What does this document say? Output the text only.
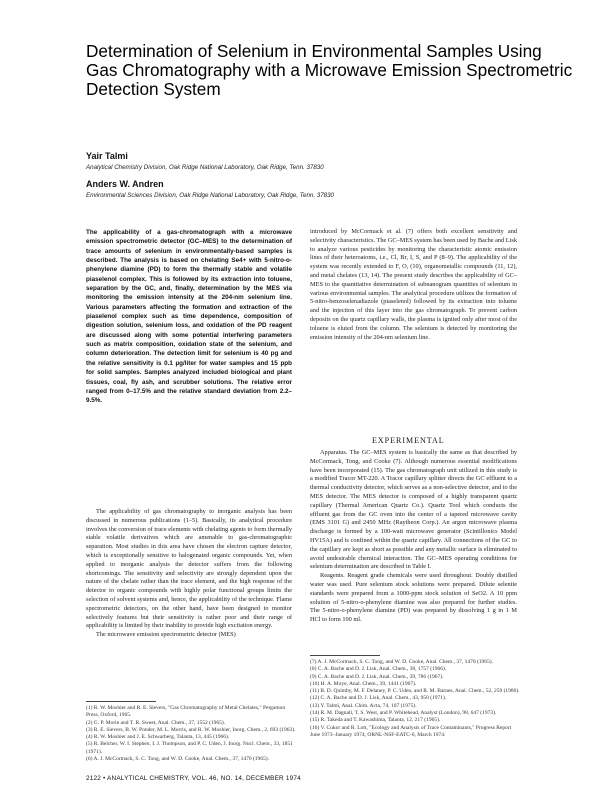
Determination of Selenium in Environmental Samples Using Gas Chromatography with a Microwave Emission Spectrometric Detection System
Yair Talmi
Analytical Chemistry Division, Oak Ridge National Laboratory, Oak Ridge, Tenn. 37830
Anders W. Andren
Environmental Sciences Division, Oak Ridge National Laboratory, Oak Ridge, Tenn. 37830

The applicability of a gas-chromatograph with a microwave emission spectrometric detector (GC–MES) to the determination of trace amounts of selenium in environmentally-based samples is described. The analysis is based on chelating Se4+ with 5-nitro-o-phenylene diamine (PD) to form the thermally stable and volatile piaselenol complex. This is followed by its extraction into toluene, separation by the GC, and, finally, determination by the MES via monitoring the emission intensity at the 204-nm selenium line. Various parameters affecting the formation and extraction of the piaselenol complex such as time dependence, composition of digestion solution, selenium loss, and oxidation of the PD reagent are discussed along with some potential interfering parameters such as matrix composition, oxidation state of the selenium, and column deterioration. The detection limit for selenium is 40 pg and the relative sensitivity is 0.1 µg/liter for water samples and 15 ppb for solid samples. Samples analyzed included biological and plant tissues, coal, fly ash, and scrubber solutions. The relative error ranged from 0–17.5% and the relative standard deviation from 2.2–9.5%.

The applicability of gas chromatography to inorganic analysis has been discussed in numerous publications (1–5). Basically, its analytical procedure involves the conversion of trace elements with chelating agents to form thermally stable volatile derivatives which are amenable to gas-chromatographic separation. Most studies in this area have chosen the electron capture detector, which is exceptionally sensitive to halogenated organic compounds. Yet, when applied to inorganic analysis the detector suffers from the following shortcomings. The sensitivity and selectivity are strongly dependent upon the nature of the chelate rather than the trace element, and the high response of the detector to organic compounds with highly polar functional groups limits the selection of solvent systems and, hence, the applicability of the technique. Flame spectrometric detectors, on the other hand, have been designed to monitor selectively features but their sensitivity is rather poor and their range of applicability is limited by their inability to provide high excitation energy.

The microwave emission spectrometric detector (MES)

(1) R. W. Moshier and R. E. Sievers, "Gas Chromatography of Metal Chelates," Pergamon Press, Oxford, 1965.
(2) G. P. Morie and T. R. Sweet, Anal. Chem., 37, 1552 (1965).
(3) R. E. Sievers, B. W. Ponder, M. L. Morris, and R. W. Moshier, Inorg. Chem., 2, 693 (1963).
(4) R. W. Moshier and J. E. Schwarberg, Talanta, 13, 445 (1966).
(5) R. Belcher, W. I. Stephen, I. J. Thompson, and P. C. Uden, J. Inorg. Nucl. Chem., 33, 1851 (1971).
(6) A. J. McCormack, S. C. Tong, and W. D. Cooke, Anal. Chem., 37, 1470 (1965).

introduced by McCormack et al. (7) offers both excellent sensitivity and selectivity characteristics. The GC–MES system has been used by Bache and Lisk to analyze various pesticides by monitoring the characteristic atomic emission lines of their heteroatoms, i.e., Cl, Br, I, S, and P (8–9). The applicability of the system was recently extended to F, O, (10), organometallic compounds (11, 12), and metal chelates (13, 14). The present study describes the applicability of GC–MES to the quantitative determination of subnanogram quantities of selenium in various environmental samples. The analytical procedure utilizes the formation of 5-nitro-benzoselenadiazole (piaselenol) followed by its extraction into toluene and the injection of this layer into the gas chromatograph. To prevent carbon deposits on the quartz capillary walls, the plasma is ignited only after most of the toluene is eluted from the column. The selenium is detected by monitoring the emission intensity of the 204-nm selenium line.

EXPERIMENTAL

Apparatus. The GC–MES system is basically the same as that described by McCormack, Tong, and Cooke (7). Although numerous essential modifications have been incorporated (15). The gas chromatograph unit utilized in this study is a modified Tracor MT-220. A Tracor capillary splitter directs the GC effluent to a thermal conductivity detector, which serves as a non-selective detector, and to the MES detector. The MES detector is composed of a highly transparent quartz capillary (Thermal American Quartz Co.). Quartz Tool which conducts the effluent gas from the GC oven into the center of a tapered microwave cavity (EMS 3101 G) and 2450 MHz (Raytheon Corp.). An argon microwave plasma discharge is formed by a 100-watt microwave generator (Scintillonics Model HV15A) and is confined within the quartz capillary. All connections of the GC to the capillary are kept as short as possible and any metallic surface is eliminated to avoid undesirable chemical interaction. The GC–MES operating conditions for selenium determination are described in Table I.

Reagents. Reagent grade chemicals were used throughout. Doubly distilled water was used. Pure selenium stock solutions were prepared. Dilute selenite standards were prepared from a 1000-ppm stock solution of SeO2. A 10 ppm solution of 5-nitro-o-phenylene diamine was also prepared for further studies. The 5-nitro-o-phenylene diamine (PD) was prepared by dissolving 1 g in 1 M HCl to form 100 ml.

(7) A. J. McCormack, S. C. Tong, and W. D. Cooke, Anal. Chem., 37, 1470 (1965).
(8) C. A. Bache and D. J. Lisk, Anal. Chem., 38, 1757 (1966).
(9) C. A. Bache and D. J. Lisk, Anal. Chem., 39, 786 (1967).
(10) H. A. Moye, Anal. Chem., 39, 1441 (1967).
(11) B. D. Quimby, M. F. Delaney, P. C. Uden, and R. M. Barnes, Anal. Chem., 52, 259 (1980).
(12) C. A. Bache and D. J. Lisk, Anal. Chem., 43, 950 (1971).
(13) Y. Talmi, Anal. Chim. Acta, 74, 107 (1975).
(14) R. M. Dagnall, T. S. West, and P. Whitehead, Analyst (London), 98, 647 (1973).
(15) R. Takeda and T. Kawashima, Talanta, 12, 217 (1965).
(16) V. Cukor and R. Lott, "Ecology and Analysis of Trace Contaminants," Progress Report June 1973–January 1974, ORNL-NSF-EATC-6, March 1974.
2122 • ANALYTICAL CHEMISTRY, VOL. 46, NO. 14, DECEMBER 1974
